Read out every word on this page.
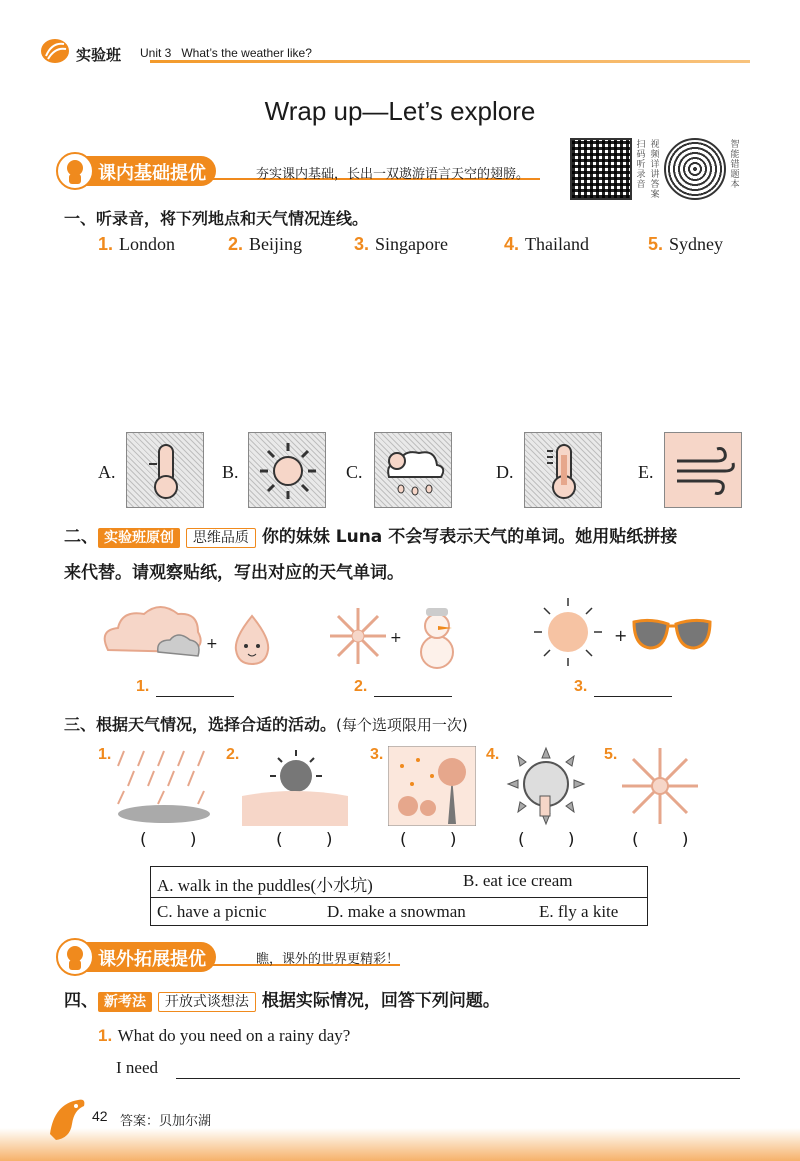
实验班 Unit 3   What’s the weather like?
Wrap up—Let’s explore
课内基础提优	夯实课内基础，长出一双遨游语言天空的翅膀。
扫码听录音
视频详讲答案
智能错题本
一、听录音，将下列地点和天气情况连线。
1. London	2. Beijing	3. Singapore	4. Thailand	5. Sydney
A.	B.	C.	D.	E.
二、 实验班原创 思维品质 你的妹妹 Luna 不会写表示天气的单词。她用贴纸拼接
来代替。请观察贴纸，写出对应的天气单词。
+	+	+
1.	2.	3.
三、根据天气情况，选择合适的活动。(每个选项限用一次)
1.	2.	3.	4.	5.
(        )	(        )	(        )	(        )	(        )
A. walk in the puddles(小水坑)	B. eat ice cream
C. have a picnic	D. make a snowman	E. fly a kite
课外拓展提优	瞧，课外的世界更精彩！
四、 新考法 开放式谈想法 根据实际情况，回答下列问题。
1. What do you need on a rainy day?
I need
42 答案：贝加尔湖
